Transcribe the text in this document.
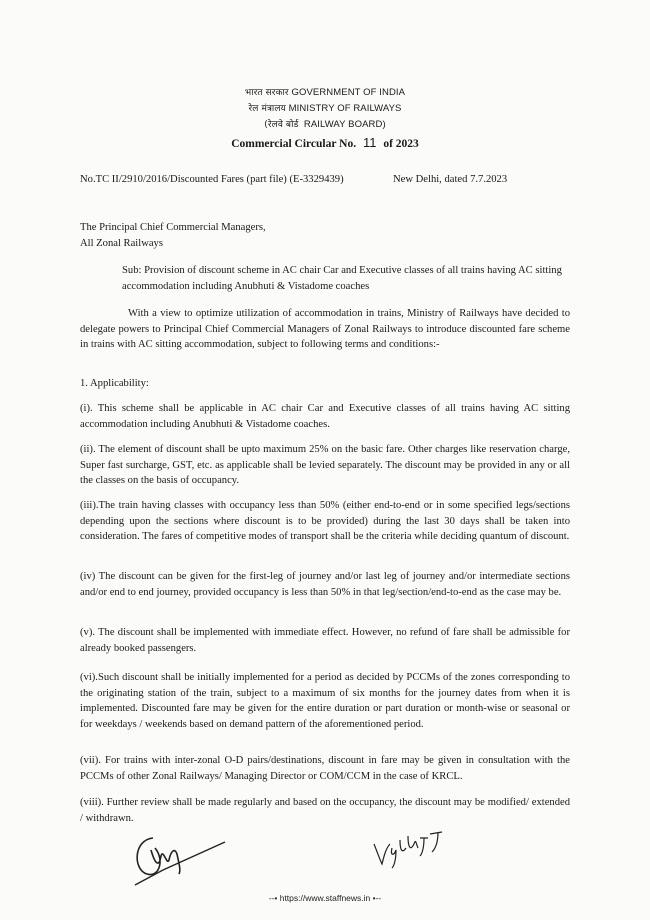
भारत सरकार GOVERNMENT OF INDIA
रेल मंत्रालय MINISTRY OF RAILWAYS
(रेलवे बोर्ड RAILWAY BOARD)
Commercial Circular No. 11 of 2023
No.TC II/2910/2016/Discounted Fares (part file) (E-3329439)	New Delhi, dated 7.7.2023
The Principal Chief Commercial Managers,
All Zonal Railways
Sub: Provision of discount scheme in AC chair Car and Executive classes of all trains having AC sitting accommodation including Anubhuti & Vistadome coaches
With a view to optimize utilization of accommodation in trains, Ministry of Railways have decided to delegate powers to Principal Chief Commercial Managers of Zonal Railways to introduce discounted fare scheme in trains with AC sitting accommodation, subject to following terms and conditions:-
1. Applicability:
(i). This scheme shall be applicable in AC chair Car and Executive classes of all trains having AC sitting accommodation including Anubhuti & Vistadome coaches.
(ii). The element of discount shall be upto maximum 25% on the basic fare. Other charges like reservation charge, Super fast surcharge, GST, etc. as applicable shall be levied separately. The discount may be provided in any or all the classes on the basis of occupancy.
(iii).The train having classes with occupancy less than 50% (either end-to-end or in some specified legs/sections depending upon the sections where discount is to be provided) during the last 30 days shall be taken into consideration. The fares of competitive modes of transport shall be the criteria while deciding quantum of discount.
(iv) The discount can be given for the first-leg of journey and/or last leg of journey and/or intermediate sections and/or end to end journey, provided occupancy is less than 50% in that leg/section/end-to-end as the case may be.
(v). The discount shall be implemented with immediate effect. However, no refund of fare shall be admissible for already booked passengers.
(vi).Such discount shall be initially implemented for a period as decided by PCCMs of the zones corresponding to the originating station of the train, subject to a maximum of six months for the journey dates from when it is implemented. Discounted fare may be given for the entire duration or part duration or month-wise or seasonal or for weekdays / weekends based on demand pattern of the aforementioned period.
(vii). For trains with inter-zonal O-D pairs/destinations, discount in fare may be given in consultation with the PCCMs of other Zonal Railways/ Managing Director or COM/CCM in the case of KRCL.
(viii). Further review shall be made regularly and based on the occupancy, the discount may be modified/ extended / withdrawn.
--• https://www.staffnews.in •--
